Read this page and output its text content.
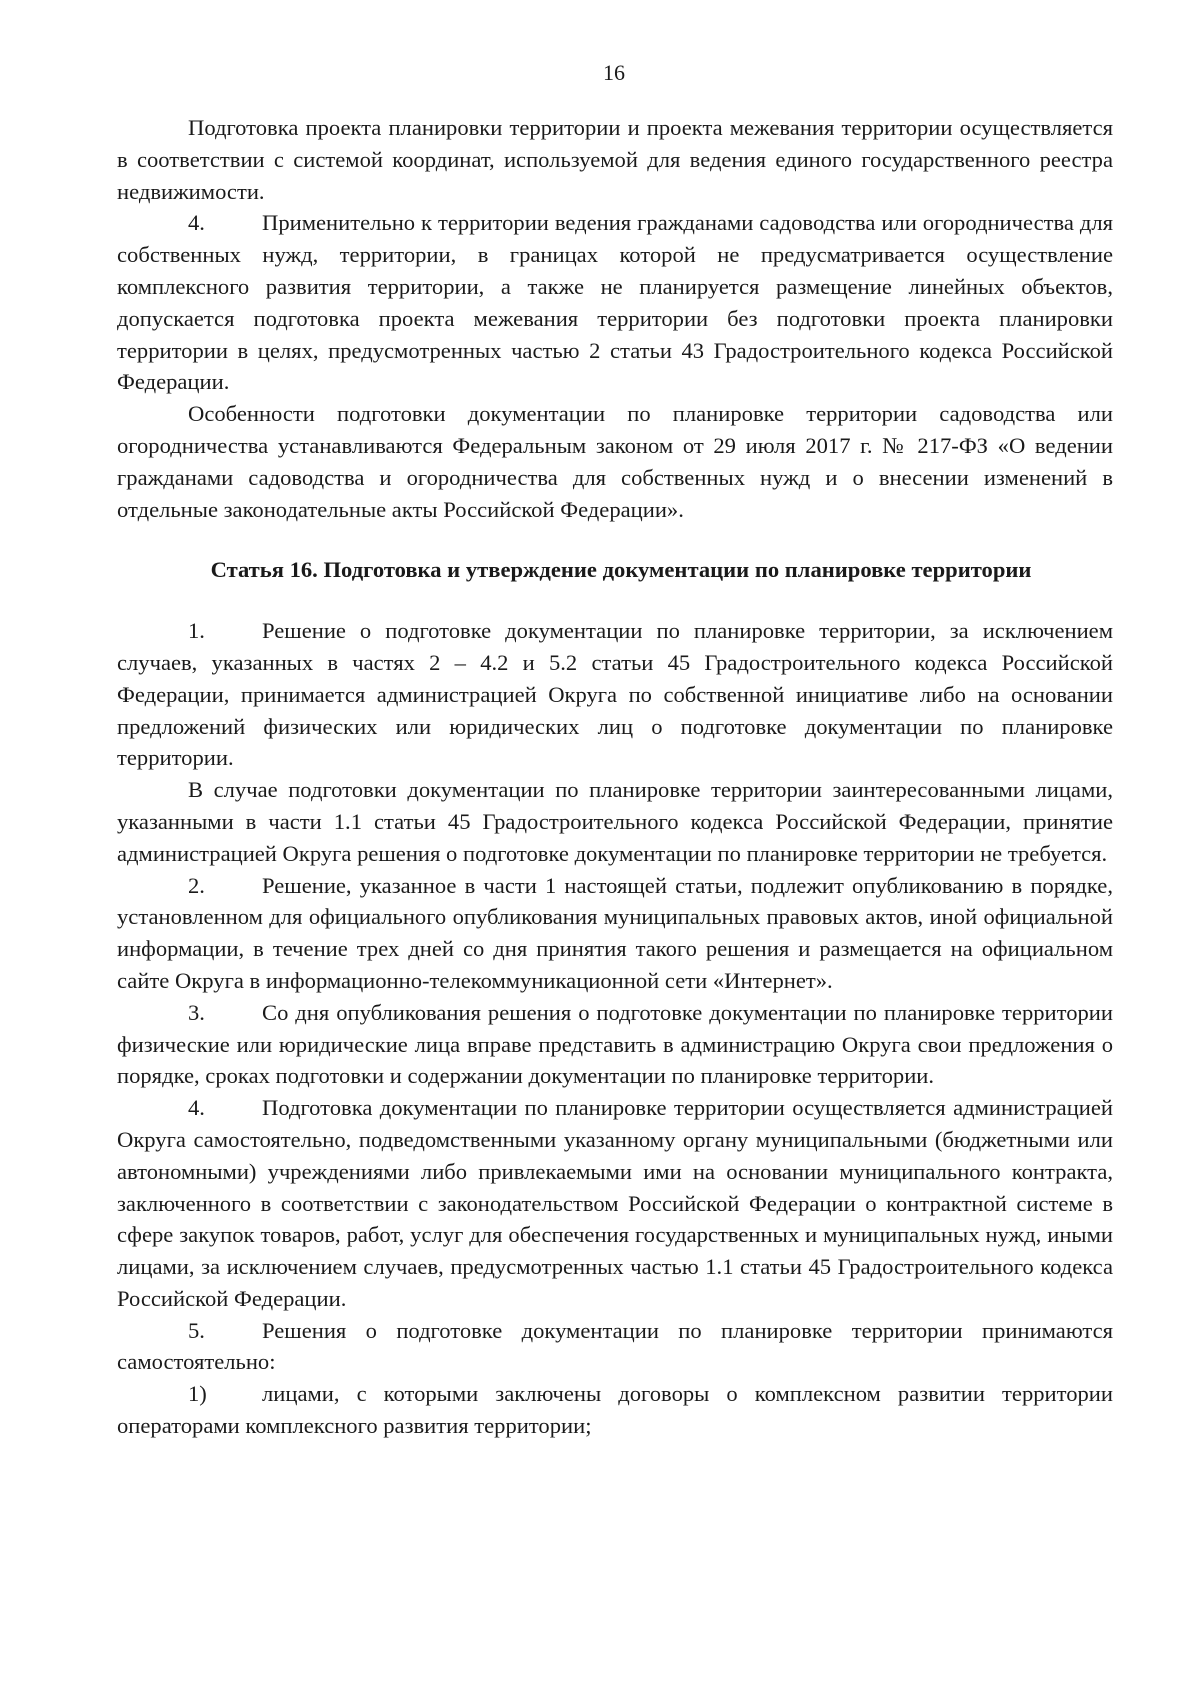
16

Подготовка проекта планировки территории и проекта межевания территории осуществляется в соответствии с системой координат, используемой для ведения единого государственного реестра недвижимости.

4.	Применительно к территории ведения гражданами садоводства или огородничества для собственных нужд, территории, в границах которой не предусматривается осуществление комплексного развития территории, а также не планируется размещение линейных объектов, допускается подготовка проекта межевания территории без подготовки проекта планировки территории в целях, предусмотренных частью 2 статьи 43 Градостроительного кодекса Российской Федерации.

Особенности подготовки документации по планировке территории садоводства или огородничества устанавливаются Федеральным законом от 29 июля 2017 г. № 217-ФЗ «О ведении гражданами садоводства и огородничества для собственных нужд и о внесении изменений в отдельные законодательные акты Российской Федерации».

Статья 16. Подготовка и утверждение документации по планировке территории

1.	Решение о подготовке документации по планировке территории, за исключением случаев, указанных в частях 2 – 4.2 и 5.2 статьи 45 Градостроительного кодекса Российской Федерации, принимается администрацией Округа по собственной инициативе либо на основании предложений физических или юридических лиц о подготовке документации по планировке территории.

В случае подготовки документации по планировке территории заинтересованными лицами, указанными в части 1.1 статьи 45 Градостроительного кодекса Российской Федерации, принятие администрацией Округа решения о подготовке документации по планировке территории не требуется.

2.	Решение, указанное в части 1 настоящей статьи, подлежит опубликованию в порядке, установленном для официального опубликования муниципальных правовых актов, иной официальной информации, в течение трех дней со дня принятия такого решения и размещается на официальном сайте Округа в информационно-телекоммуникационной сети «Интернет».

3.	Со дня опубликования решения о подготовке документации по планировке территории физические или юридические лица вправе представить в администрацию Округа свои предложения о порядке, сроках подготовки и содержании документации по планировке территории.

4.	Подготовка документации по планировке территории осуществляется администрацией Округа самостоятельно, подведомственными указанному органу муниципальными (бюджетными или автономными) учреждениями либо привлекаемыми ими на основании муниципального контракта, заключенного в соответствии с законодательством Российской Федерации о контрактной системе в сфере закупок товаров, работ, услуг для обеспечения государственных и муниципальных нужд, иными лицами, за исключением случаев, предусмотренных частью 1.1 статьи 45 Градостроительного кодекса Российской Федерации.

5.	Решения о подготовке документации по планировке территории принимаются самостоятельно:

1) лицами, с которыми заключены договоры о комплексном развитии территории операторами комплексного развития территории;
